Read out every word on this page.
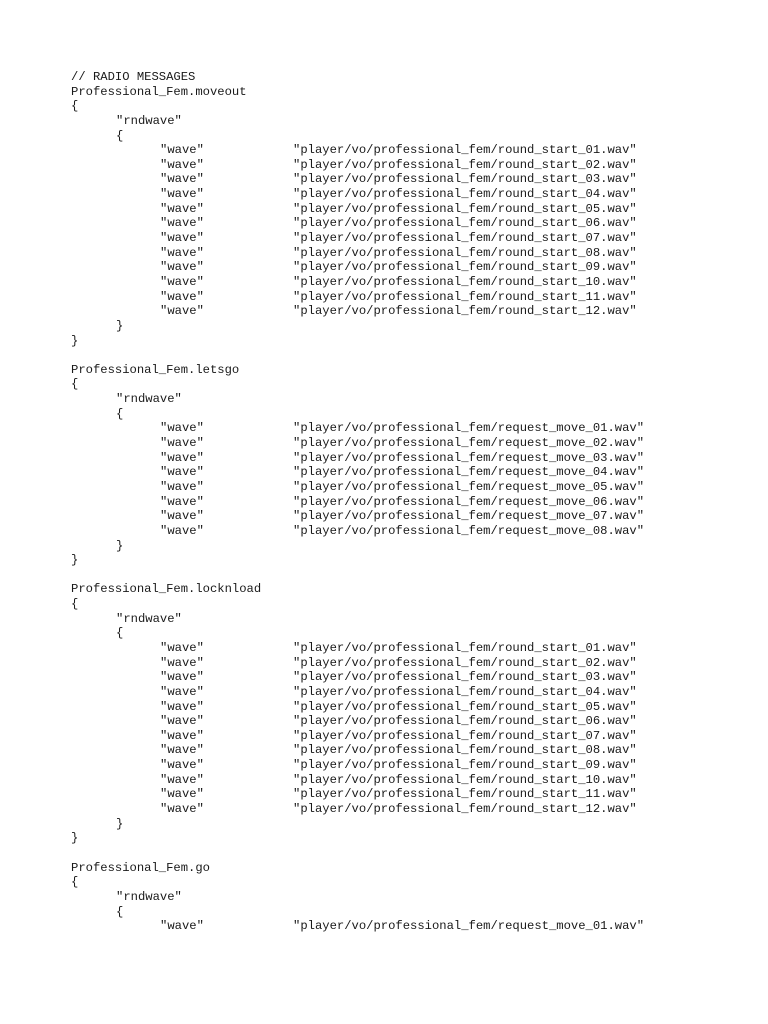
// RADIO MESSAGES
Professional_Fem.moveout
{
"rndwave"
{
"wave"	"player/vo/professional_fem/round_start_01.wav"
"wave"	"player/vo/professional_fem/round_start_02.wav"
"wave"	"player/vo/professional_fem/round_start_03.wav"
"wave"	"player/vo/professional_fem/round_start_04.wav"
"wave"	"player/vo/professional_fem/round_start_05.wav"
"wave"	"player/vo/professional_fem/round_start_06.wav"
"wave"	"player/vo/professional_fem/round_start_07.wav"
"wave"	"player/vo/professional_fem/round_start_08.wav"
"wave"	"player/vo/professional_fem/round_start_09.wav"
"wave"	"player/vo/professional_fem/round_start_10.wav"
"wave"	"player/vo/professional_fem/round_start_11.wav"
"wave"	"player/vo/professional_fem/round_start_12.wav"
}
}
Professional_Fem.letsgo
{
"rndwave"
{
"wave"	"player/vo/professional_fem/request_move_01.wav"
"wave"	"player/vo/professional_fem/request_move_02.wav"
"wave"	"player/vo/professional_fem/request_move_03.wav"
"wave"	"player/vo/professional_fem/request_move_04.wav"
"wave"	"player/vo/professional_fem/request_move_05.wav"
"wave"	"player/vo/professional_fem/request_move_06.wav"
"wave"	"player/vo/professional_fem/request_move_07.wav"
"wave"	"player/vo/professional_fem/request_move_08.wav"
}
}
Professional_Fem.locknload
{
"rndwave"
{
"wave"	"player/vo/professional_fem/round_start_01.wav"
"wave"	"player/vo/professional_fem/round_start_02.wav"
"wave"	"player/vo/professional_fem/round_start_03.wav"
"wave"	"player/vo/professional_fem/round_start_04.wav"
"wave"	"player/vo/professional_fem/round_start_05.wav"
"wave"	"player/vo/professional_fem/round_start_06.wav"
"wave"	"player/vo/professional_fem/round_start_07.wav"
"wave"	"player/vo/professional_fem/round_start_08.wav"
"wave"	"player/vo/professional_fem/round_start_09.wav"
"wave"	"player/vo/professional_fem/round_start_10.wav"
"wave"	"player/vo/professional_fem/round_start_11.wav"
"wave"	"player/vo/professional_fem/round_start_12.wav"
}
}
Professional_Fem.go
{
"rndwave"
{
"wave"	"player/vo/professional_fem/request_move_01.wav"
